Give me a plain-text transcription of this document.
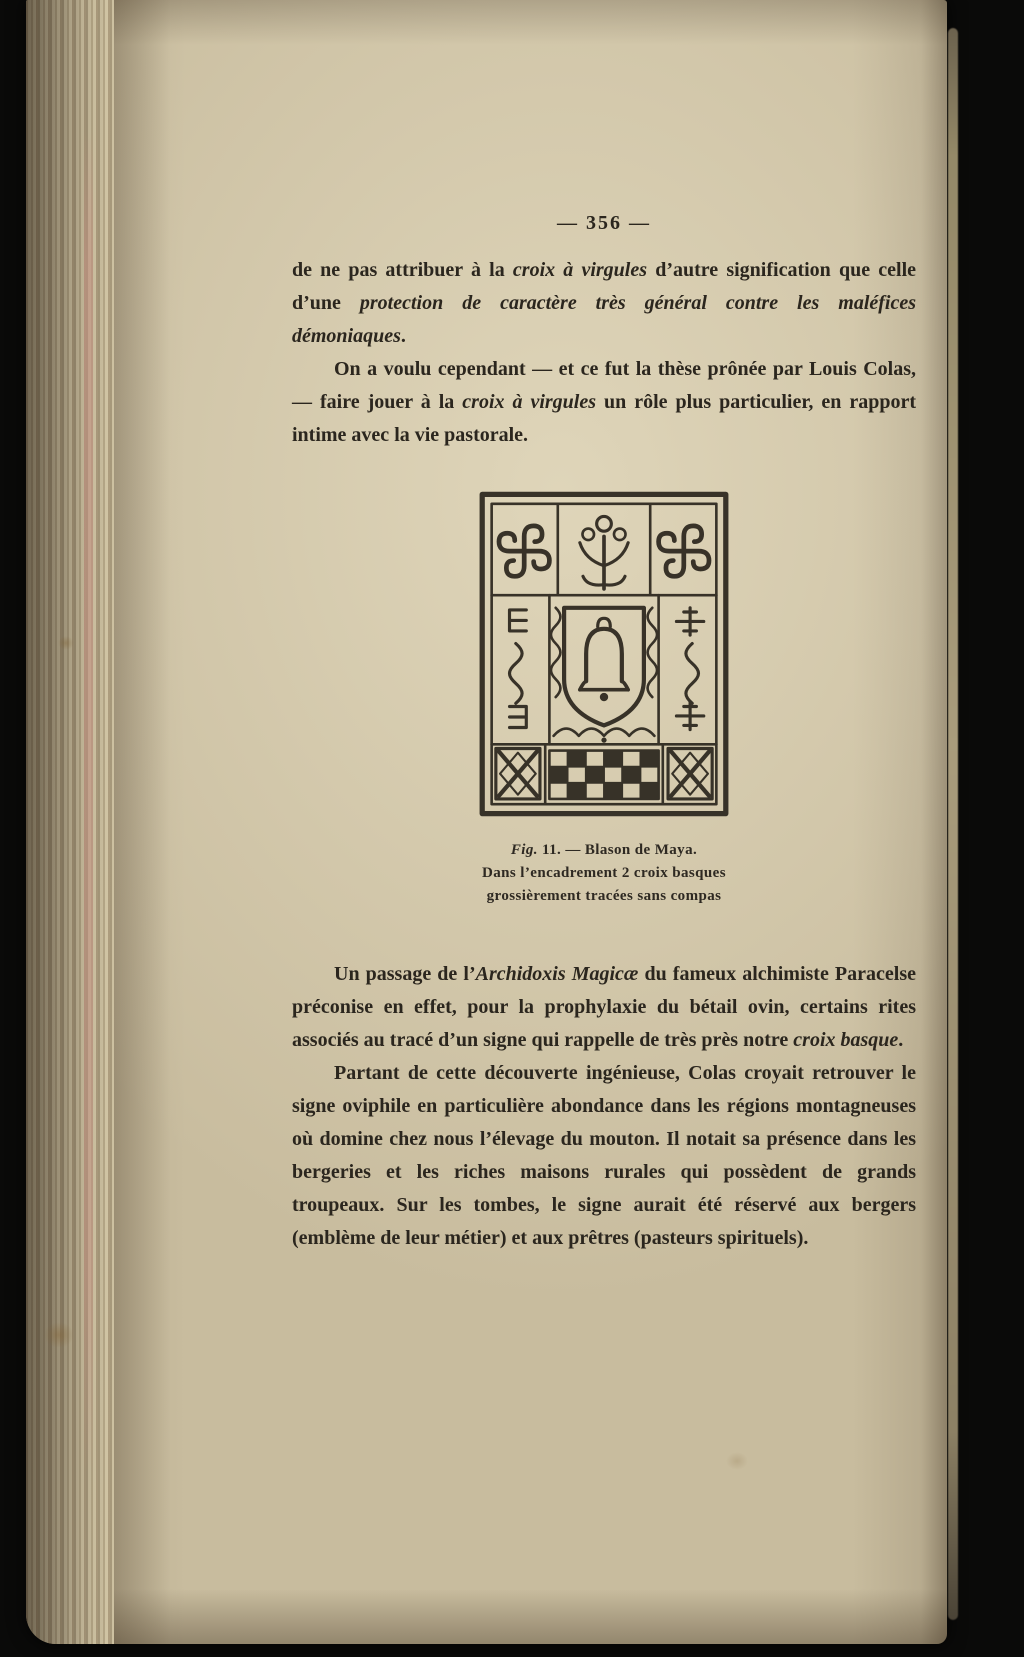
— 356 —

de ne pas attribuer à la croix à virgules d’autre signification que celle d’une protection de caractère très général contre les maléfices démoniaques.

On a voulu cependant — et ce fut la thèse prônée par Louis Colas, — faire jouer à la croix à virgules un rôle plus particulier, en rapport intime avec la vie pastorale.

Fig. 11. — Blason de Maya.
Dans l’encadrement 2 croix basques
grossièrement tracées sans compas

Un passage de l’Archidoxis Magicæ du fameux alchimiste Paracelse préconise en effet, pour la prophylaxie du bétail ovin, certains rites associés au tracé d’un signe qui rappelle de très près notre croix basque.

Partant de cette découverte ingénieuse, Colas croyait retrouver le signe oviphile en particulière abondance dans les régions montagneuses où domine chez nous l’élevage du mouton. Il notait sa présence dans les bergeries et les riches maisons rurales qui possèdent de grands troupeaux. Sur les tombes, le signe aurait été réservé aux bergers (emblème de leur métier) et aux prêtres (pasteurs spirituels).
